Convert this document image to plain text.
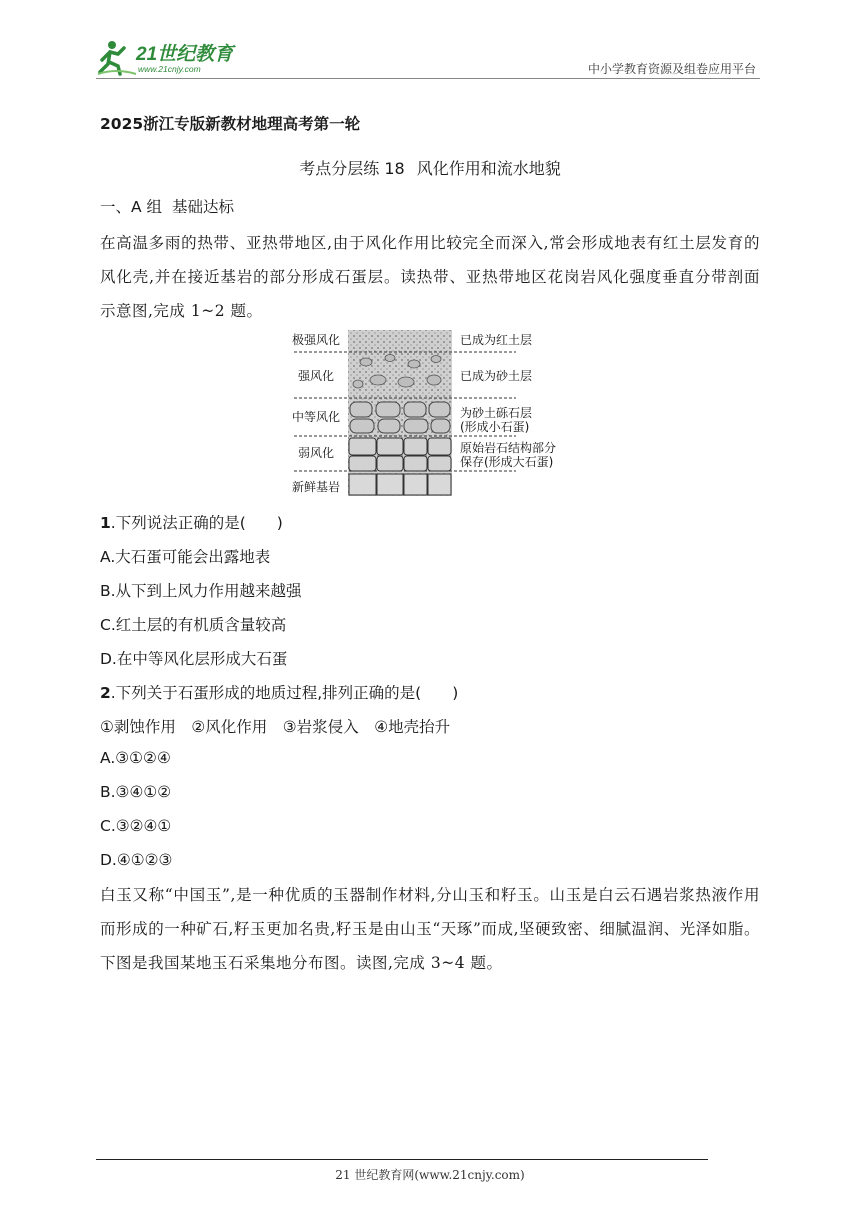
21世纪教育
www.21cnjy.com	中小学教育资源及组卷应用平台
2025浙江专版新教材地理高考第一轮
考点分层练 18 风化作用和流水地貌
一、A 组 基础达标
在高温多雨的热带、亚热带地区,由于风化作用比较完全而深入,常会形成地表有红土层发育的风化壳,并在接近基岩的部分形成石蛋层。读热带、亚热带地区花岗岩风化强度垂直分带剖面示意图,完成 1~2 题。
极强风化
强风化
中等风化
弱风化
新鲜基岩
已成为红土层
已成为砂土层
为砂土砾石层
(形成小石蛋)
原始岩石结构部分
保存(形成大石蛋)
1.下列说法正确的是(　　)
A.大石蛋可能会出露地表
B.从下到上风力作用越来越强
C.红土层的有机质含量较高
D.在中等风化层形成大石蛋
2.下列关于石蛋形成的地质过程,排列正确的是(　　)
①剥蚀作用　②风化作用　③岩浆侵入　④地壳抬升
A.③①②④
B.③④①②
C.③②④①
D.④①②③
白玉又称“中国玉”,是一种优质的玉器制作材料,分山玉和籽玉。山玉是白云石遇岩浆热液作用而形成的一种矿石,籽玉更加名贵,籽玉是由山玉“天琢”而成,坚硬致密、细腻温润、光泽如脂。下图是我国某地玉石采集地分布图。读图,完成 3~4 题。
21 世纪教育网(www.21cnjy.com)
